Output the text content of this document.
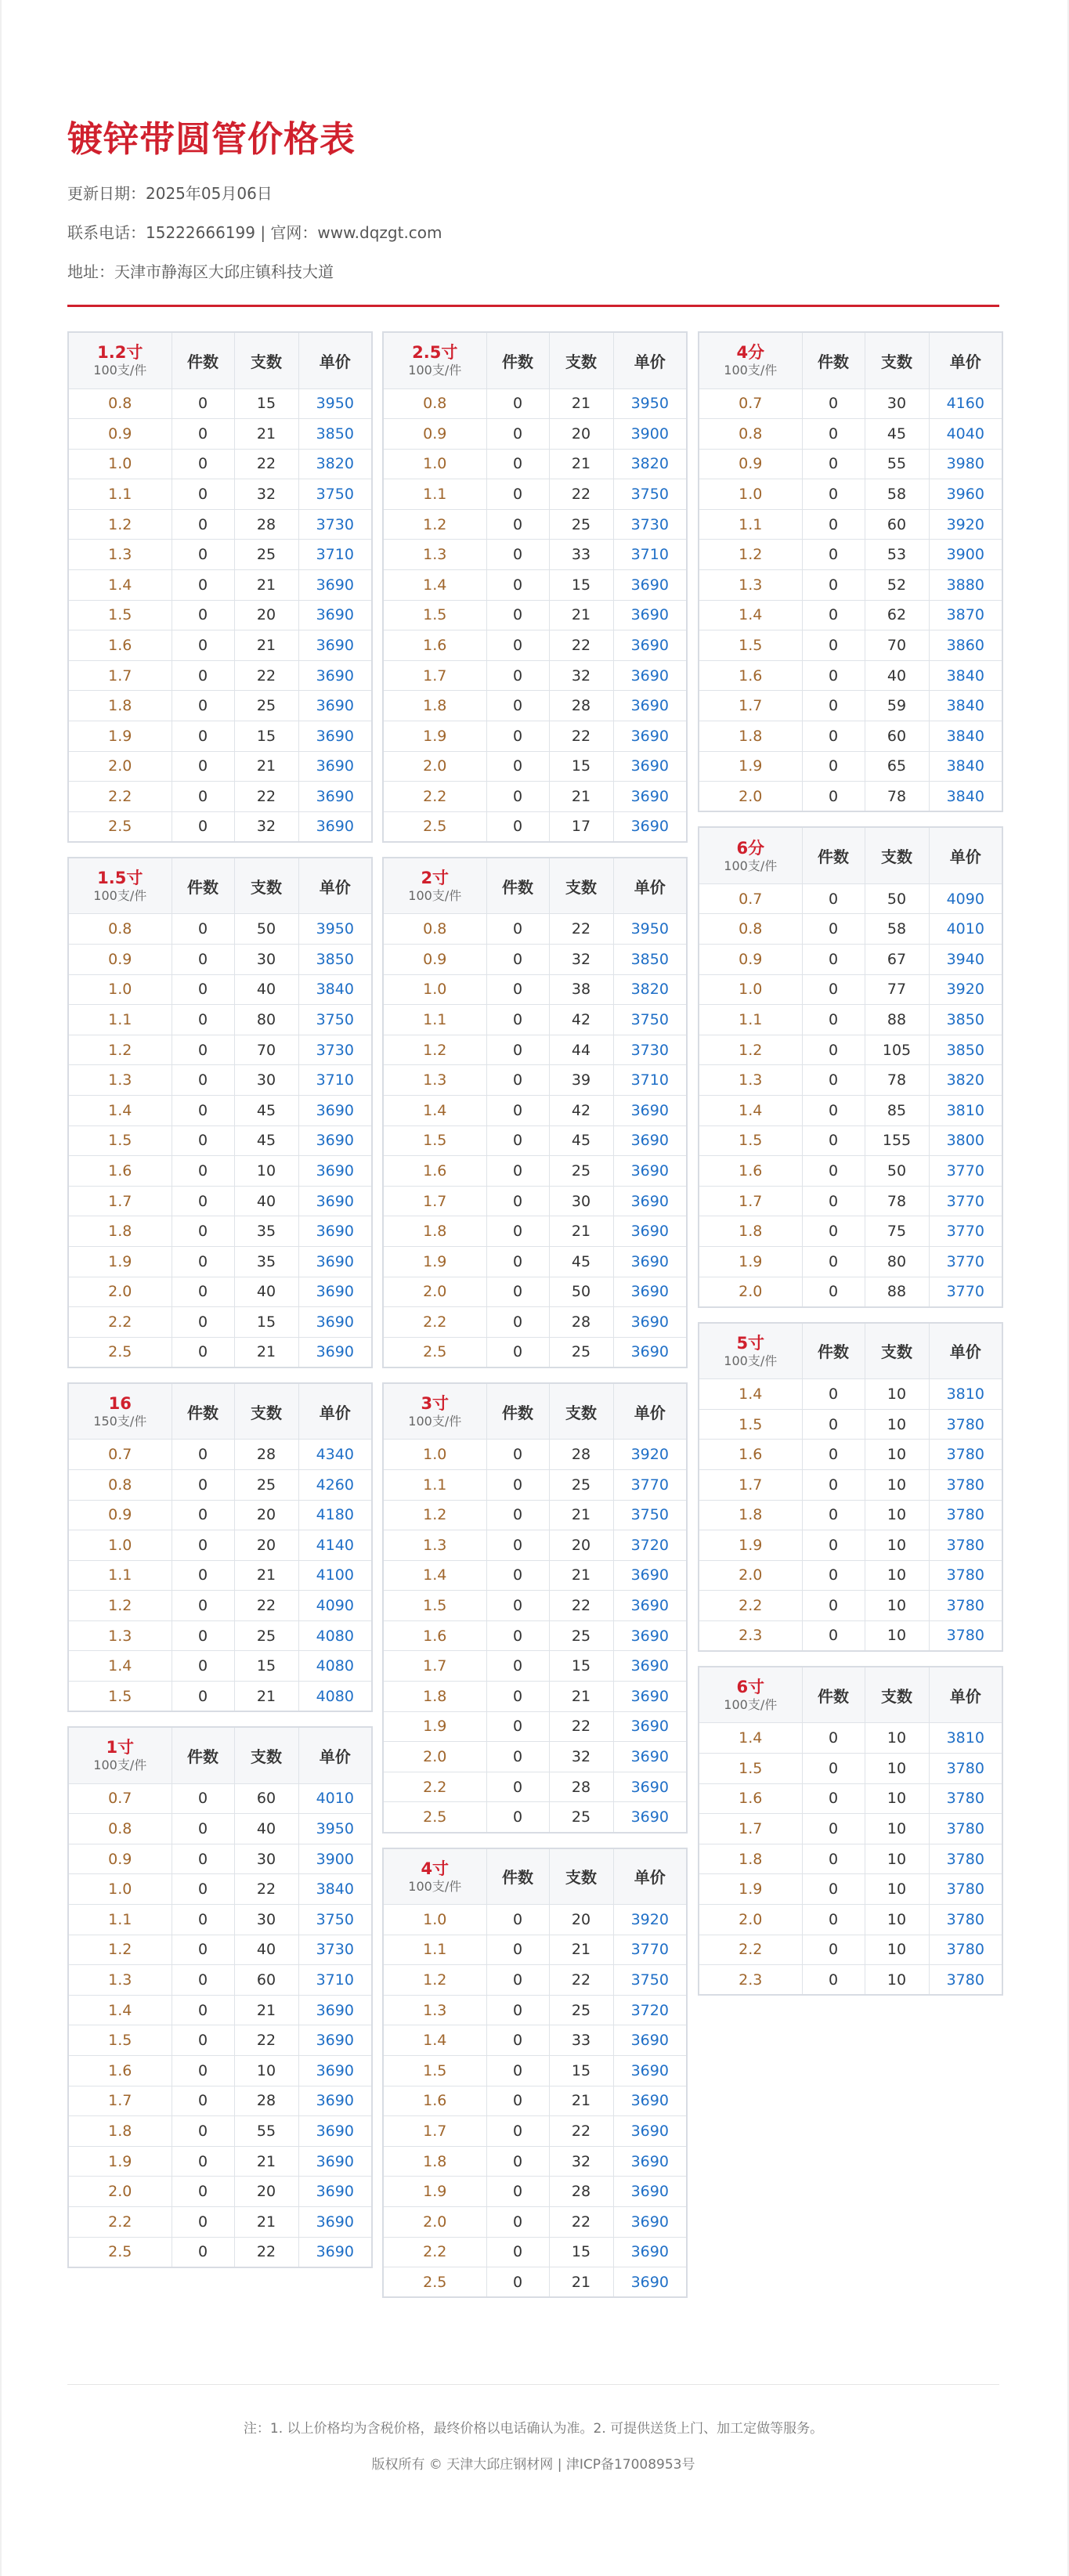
镀锌带圆管价格表
更新日期：2025年05月06日
联系电话：15222666199 | 官网：www.dqzgt.com
地址：天津市静海区大邱庄镇科技大道
1.2寸
100支/件	件数	支数	单价
0.8	0	15	3950
0.9	0	21	3850
1.0	0	22	3820
1.1	0	32	3750
1.2	0	28	3730
1.3	0	25	3710
1.4	0	21	3690
1.5	0	20	3690
1.6	0	21	3690
1.7	0	22	3690
1.8	0	25	3690
1.9	0	15	3690
2.0	0	21	3690
2.2	0	22	3690
2.5	0	32	3690
1.5寸
100支/件	件数	支数	单价
0.8	0	50	3950
0.9	0	30	3850
1.0	0	40	3840
1.1	0	80	3750
1.2	0	70	3730
1.3	0	30	3710
1.4	0	45	3690
1.5	0	45	3690
1.6	0	10	3690
1.7	0	40	3690
1.8	0	35	3690
1.9	0	35	3690
2.0	0	40	3690
2.2	0	15	3690
2.5	0	21	3690
16
150支/件	件数	支数	单价
0.7	0	28	4340
0.8	0	25	4260
0.9	0	20	4180
1.0	0	20	4140
1.1	0	21	4100
1.2	0	22	4090
1.3	0	25	4080
1.4	0	15	4080
1.5	0	21	4080
1寸
100支/件	件数	支数	单价
0.7	0	60	4010
0.8	0	40	3950
0.9	0	30	3900
1.0	0	22	3840
1.1	0	30	3750
1.2	0	40	3730
1.3	0	60	3710
1.4	0	21	3690
1.5	0	22	3690
1.6	0	10	3690
1.7	0	28	3690
1.8	0	55	3690
1.9	0	21	3690
2.0	0	20	3690
2.2	0	21	3690
2.5	0	22	3690
2.5寸
100支/件	件数	支数	单价
0.8	0	21	3950
0.9	0	20	3900
1.0	0	21	3820
1.1	0	22	3750
1.2	0	25	3730
1.3	0	33	3710
1.4	0	15	3690
1.5	0	21	3690
1.6	0	22	3690
1.7	0	32	3690
1.8	0	28	3690
1.9	0	22	3690
2.0	0	15	3690
2.2	0	21	3690
2.5	0	17	3690
2寸
100支/件	件数	支数	单价
0.8	0	22	3950
0.9	0	32	3850
1.0	0	38	3820
1.1	0	42	3750
1.2	0	44	3730
1.3	0	39	3710
1.4	0	42	3690
1.5	0	45	3690
1.6	0	25	3690
1.7	0	30	3690
1.8	0	21	3690
1.9	0	45	3690
2.0	0	50	3690
2.2	0	28	3690
2.5	0	25	3690
3寸
100支/件	件数	支数	单价
1.0	0	28	3920
1.1	0	25	3770
1.2	0	21	3750
1.3	0	20	3720
1.4	0	21	3690
1.5	0	22	3690
1.6	0	25	3690
1.7	0	15	3690
1.8	0	21	3690
1.9	0	22	3690
2.0	0	32	3690
2.2	0	28	3690
2.5	0	25	3690
4寸
100支/件	件数	支数	单价
1.0	0	20	3920
1.1	0	21	3770
1.2	0	22	3750
1.3	0	25	3720
1.4	0	33	3690
1.5	0	15	3690
1.6	0	21	3690
1.7	0	22	3690
1.8	0	32	3690
1.9	0	28	3690
2.0	0	22	3690
2.2	0	15	3690
2.5	0	21	3690
4分
100支/件	件数	支数	单价
0.7	0	30	4160
0.8	0	45	4040
0.9	0	55	3980
1.0	0	58	3960
1.1	0	60	3920
1.2	0	53	3900
1.3	0	52	3880
1.4	0	62	3870
1.5	0	70	3860
1.6	0	40	3840
1.7	0	59	3840
1.8	0	60	3840
1.9	0	65	3840
2.0	0	78	3840
6分
100支/件	件数	支数	单价
0.7	0	50	4090
0.8	0	58	4010
0.9	0	67	3940
1.0	0	77	3920
1.1	0	88	3850
1.2	0	105	3850
1.3	0	78	3820
1.4	0	85	3810
1.5	0	155	3800
1.6	0	50	3770
1.7	0	78	3770
1.8	0	75	3770
1.9	0	80	3770
2.0	0	88	3770
5寸
100支/件	件数	支数	单价
1.4	0	10	3810
1.5	0	10	3780
1.6	0	10	3780
1.7	0	10	3780
1.8	0	10	3780
1.9	0	10	3780
2.0	0	10	3780
2.2	0	10	3780
2.3	0	10	3780
6寸
100支/件	件数	支数	单价
1.4	0	10	3810
1.5	0	10	3780
1.6	0	10	3780
1.7	0	10	3780
1.8	0	10	3780
1.9	0	10	3780
2.0	0	10	3780
2.2	0	10	3780
2.3	0	10	3780
注：1. 以上价格均为含税价格，最终价格以电话确认为准。2. 可提供送货上门、加工定做等服务。
版权所有 © 天津大邱庄钢材网 | 津ICP备17008953号
